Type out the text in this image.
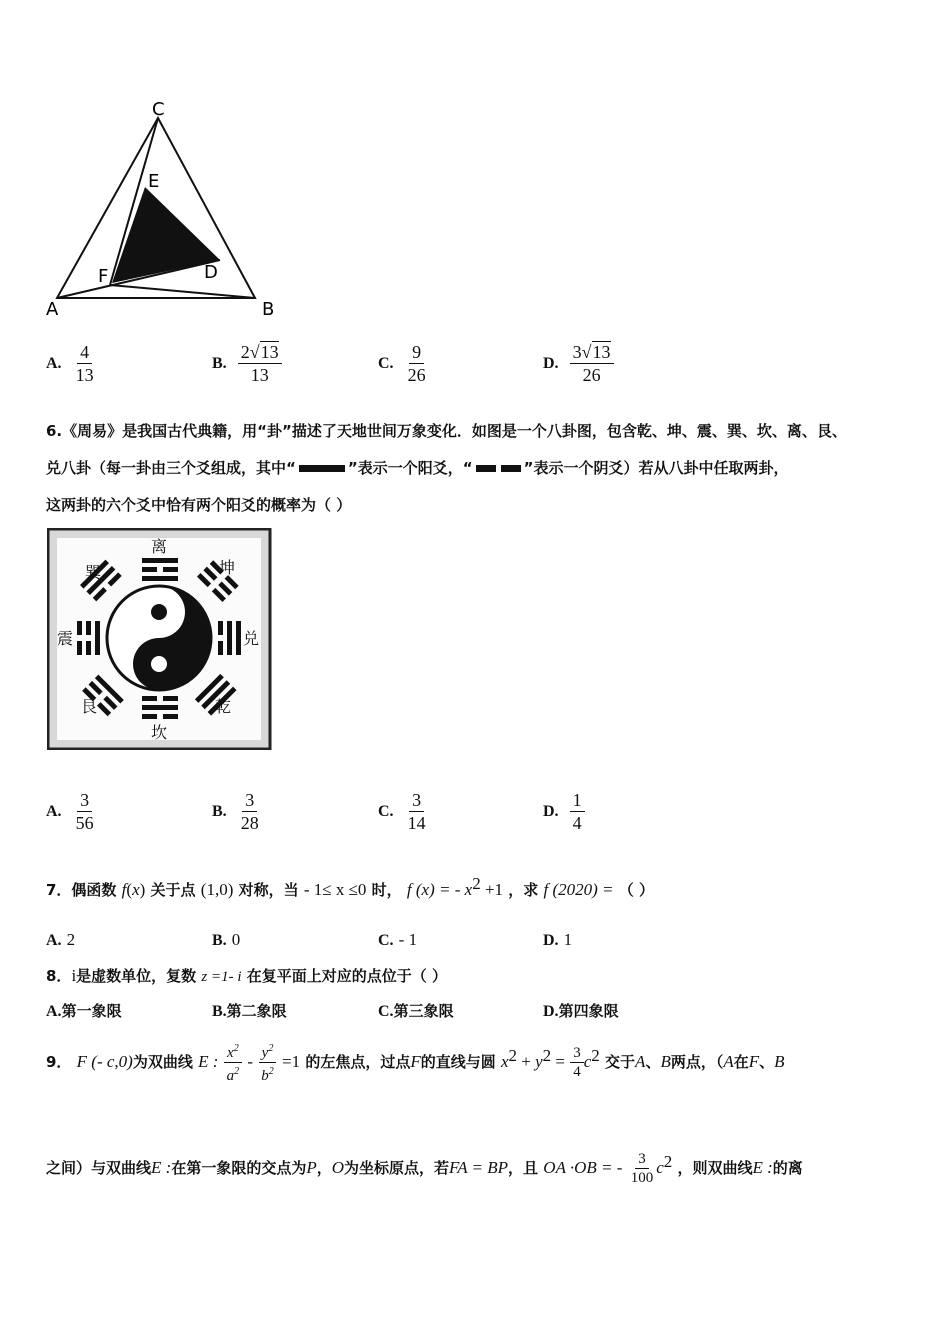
C
E
D
F
A	B
A. $\frac{4}{13}$	B. $\frac{2√13}{13}$	C. $\frac{9}{26}$	D. $\frac{3√13}{26}$
6.《周易》是我国古代典籍，用“卦”描述了天地世间万象变化．如图是一个八卦图，包含乾、坤、震、巽、坎、离、艮、
兑八卦（每一卦由三个爻组成，其中“	”表示一个阳爻，“	”表示一个阴爻）若从八卦中任取两卦，
这两卦的六个爻中恰有两个阳爻的概率为（ ）
离
坤
兑
乾
坎
艮
震
巽
A. $\frac{3}{56}$	B. $\frac{3}{28}$	C. $\frac{3}{14}$	D. $\frac{1}{4}$
7．偶函数 f(x) 关于点 (1,0) 对称，当 - 1≤ x ≤0 时， f (x) = - $x^2 +1$ ，求 f (2020) = （ ）
A. 2	B. 0	C. - 1	D. 1
8．i是虚数单位，复数 z =1- i 在复平面上对应的点位于（ ）
A.第一象限	B.第二象限	C.第三象限	D.第四象限
9． F (- c,0)为双曲线 E : $\frac{x^2}{a^2} - \frac{y^2}{b^2} =1$ 的左焦点，过点F的直线与圆 $x^2 + y^2 = \frac{3}{4} c^2$ 交于A、B两点，（A在F、B
之间）与双曲线E :在第一象限的交点为P，O为坐标原点，若FA = BP，且 OA ·OB = - $\frac{3}{100} c^2$ ，则双曲线E :的离
